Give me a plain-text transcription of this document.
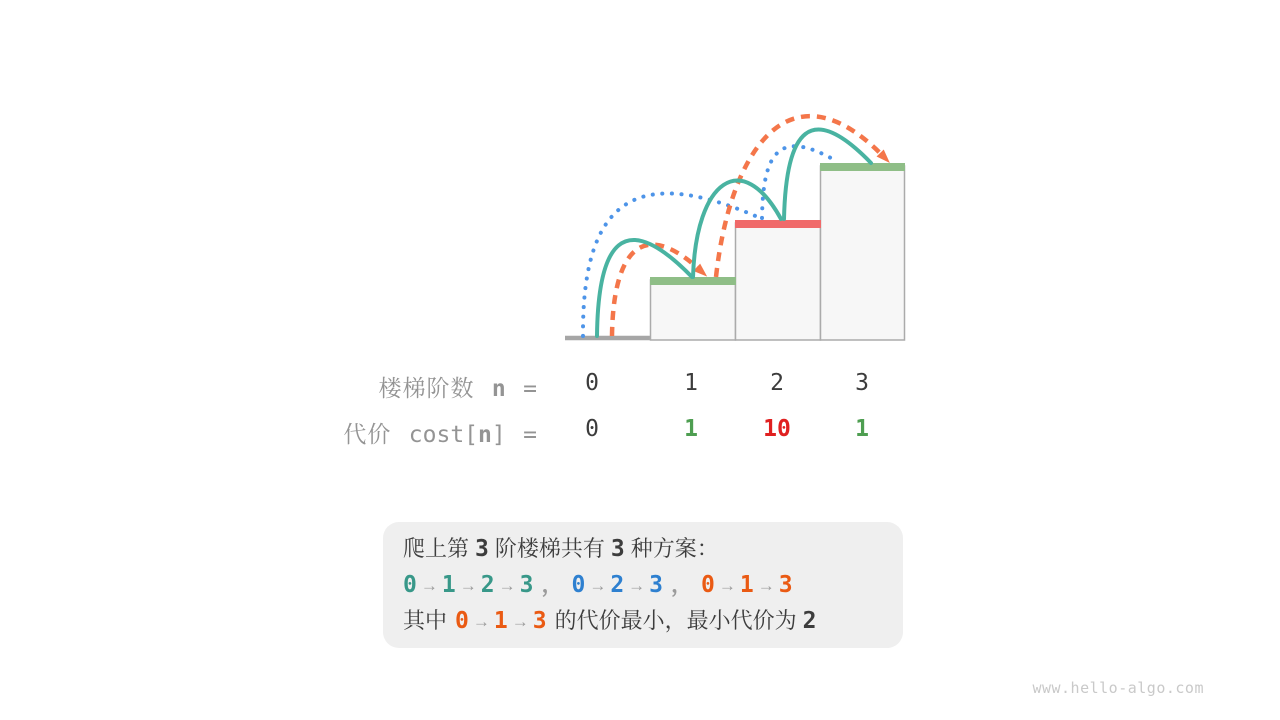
楼梯阶数 n =	0	1	2	3
代价 cost[n] =	0	1	10	1
爬上第 3 阶楼梯共有 3 种方案：
0 → 1 → 2 → 3 ， 0 → 2 → 3 ， 0 → 1 → 3
其中 0 → 1 → 3 的代价最小，最小代价为 2
www.hello-algo.com
